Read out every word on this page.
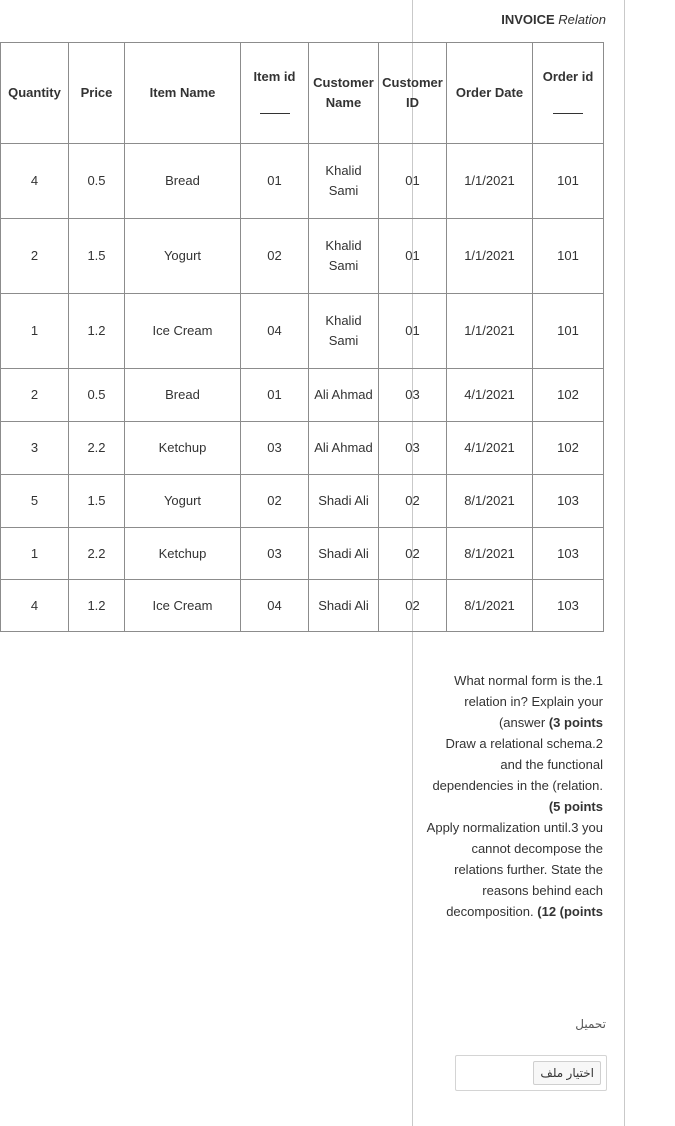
INVOICE Relation
Quantity	Price	Item Name	Item id	Customer Name	Customer ID	Order Date	Order id

4	0.5	Bread	01	Khalid Sami	01	1/1/2021	101
2	1.5	Yogurt	02	Khalid Sami	01	1/1/2021	101
1	1.2	Ice Cream	04	Khalid Sami	01	1/1/2021	101
2	0.5	Bread	01	Ali Ahmad	03	4/1/2021	102
3	2.2	Ketchup	03	Ali Ahmad	03	4/1/2021	102
5	1.5	Yogurt	02	Shadi Ali	02	8/1/2021	103
1	2.2	Ketchup	03	Shadi Ali	02	8/1/2021	103
4	1.2	Ice Cream	04	Shadi Ali	02	8/1/2021	103

What normal form is the.1 relation in? Explain your (answer (3 points

Draw a relational schema.2 and the functional dependencies in the (relation. (5 points

Apply normalization until.3 you cannot decompose the relations further. State the reasons behind each decomposition. (12 (points

تحميل
اختيار ملف
